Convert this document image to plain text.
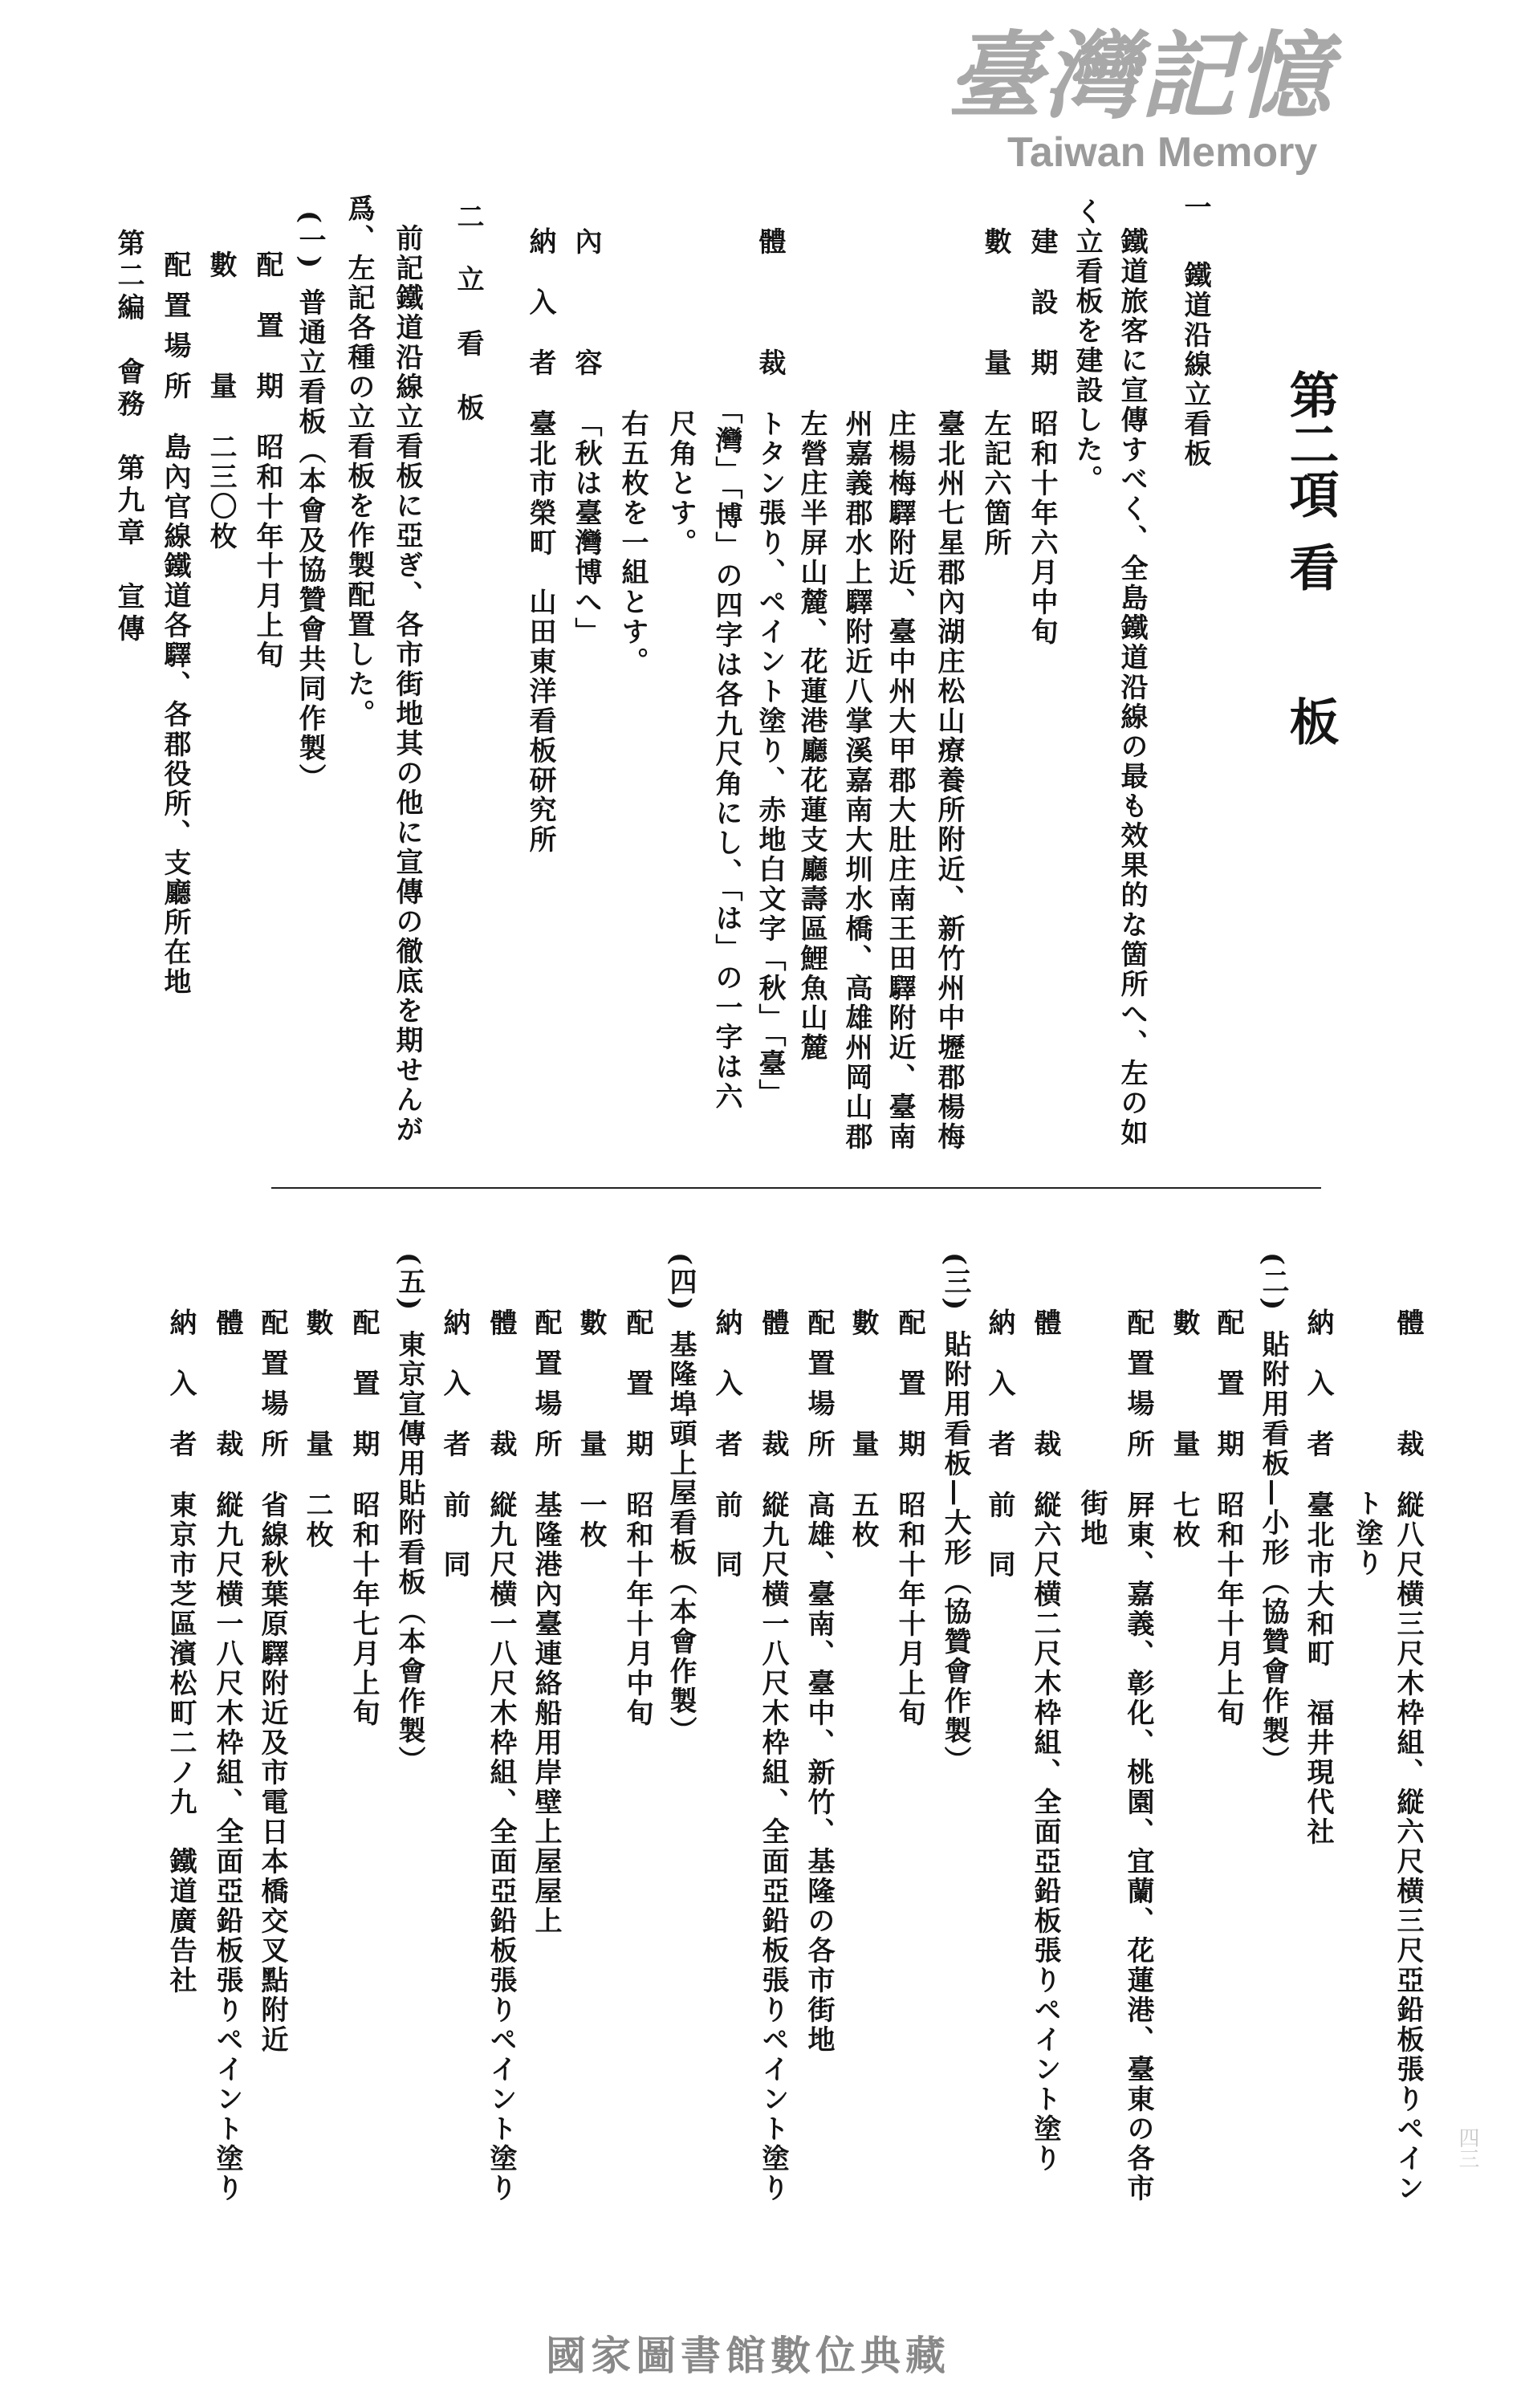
第二項
看
板
一
鐵道沿線立看板
鐵道旅客に宣傳すべく、全島鐵道沿線の最も效果的な箇所へ、左の如
く立看板を建設した。
建設期昭和十年六月中旬
數量左記六箇所
臺北州七星郡內湖庄松山療養所附近、新竹州中壢郡楊梅
庄楊梅驛附近、臺中州大甲郡大肚庄南王田驛附近、臺南
州嘉義郡水上驛附近八掌溪嘉南大圳水橋、高雄州岡山郡
左營庄半屏山麓、花蓮港廳花蓮支廳壽區鯉魚山麓
體裁トタン張り、ペイント塗り、赤地白文字「秋」「臺」
「灣」「博」の四字は各九尺角にし、「は」の一字は六
尺角とす。
右五枚を一組とす。
內容「秋は臺灣博へ」
納入者臺北市榮町　山田東洋看板研究所
二
立看板
前記鐵道沿線立看板に亞ぎ、各市街地其の他に宣傳の徹底を期せんが
爲、左記各種の立看板を作製配置した。
(一)普通立看板（本會及協贊會共同作製）
配置期昭和十年十月上旬
數量二三〇枚
配置場所島內官線鐵道各驛、各郡役所、支廳所在地
第二編　會務　第九章　宣傳
體裁縦八尺横三尺木枠組、縦六尺横三尺亞鉛板張りペイン
ト塗り
納入者臺北市大和町　福井現代社
(二)貼附用看板—小形（協贊會作製）
配置期昭和十年十月上旬
數量七枚
配置場所屛東、嘉義、彰化、桃園、宜蘭、花蓮港、臺東の各市
街地
體裁縦六尺横二尺木枠組、全面亞鉛板張りペイント塗り
納入者前　同
(三)貼附用看板—大形（協贊會作製）
配置期昭和十年十月上旬
數量五枚
配置場所高雄、臺南、臺中、新竹、基隆の各市街地
體裁縦九尺横一八尺木枠組、全面亞鉛板張りペイント塗り
納入者前　同
(四)基隆埠頭上屋看板（本會作製）
配置期昭和十年十月中旬
數量一枚
配置場所基隆港內臺連絡船用岸壁上屋屋上
體裁縦九尺横一八尺木枠組、全面亞鉛板張りペイント塗り
納入者前　同
(五)東京宣傳用貼附看板（本會作製）
配置期昭和十年七月上旬
數量二枚
配置場所省線秋葉原驛附近及市電日本橋交叉點附近
體裁縦九尺横一八尺木枠組、全面亞鉛板張りペイント塗り
納入者東京市芝區濱松町二ノ九　鐵道廣告社
四三
臺灣記憶
Taiwan Memory
國家圖書館數位典藏
